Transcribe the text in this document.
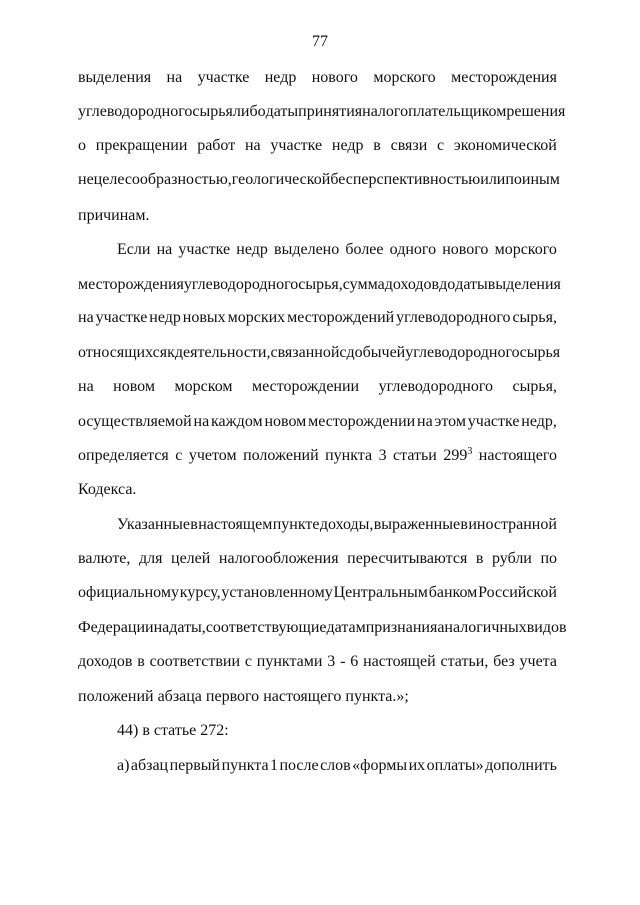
77
выделения на участке недр нового морского месторождения
углеводородного сырья либо даты принятия налогоплательщиком решения
о прекращении работ на участке недр в связи с экономической
нецелесообразностью, геологической бесперспективностью или по иным
причинам.
Если на участке недр выделено более одного нового морского
месторождения углеводородного сырья, сумма доходов до даты выделения
на участке недр новых морских месторождений углеводородного сырья,
относящихся к деятельности, связанной с добычей углеводородного сырья
на новом морском месторождении углеводородного сырья,
осуществляемой на каждом новом месторождении на этом участке недр,
определяется с учетом положений пункта 3 статьи $299^3$ настоящего
Кодекса.
Указанные в настоящем пункте доходы, выраженные в иностранной
валюте, для целей налогообложения пересчитываются в рубли по
официальному курсу, установленному Центральным банком Российской
Федерации на даты, соответствующие датам признания аналогичных видов
доходов в соответствии с пунктами 3 - 6 настоящей статьи, без учета
положений абзаца первого настоящего пункта.»;
44) в статье 272:
а) абзац первый пункта 1 после слов «формы их оплаты» дополнить
